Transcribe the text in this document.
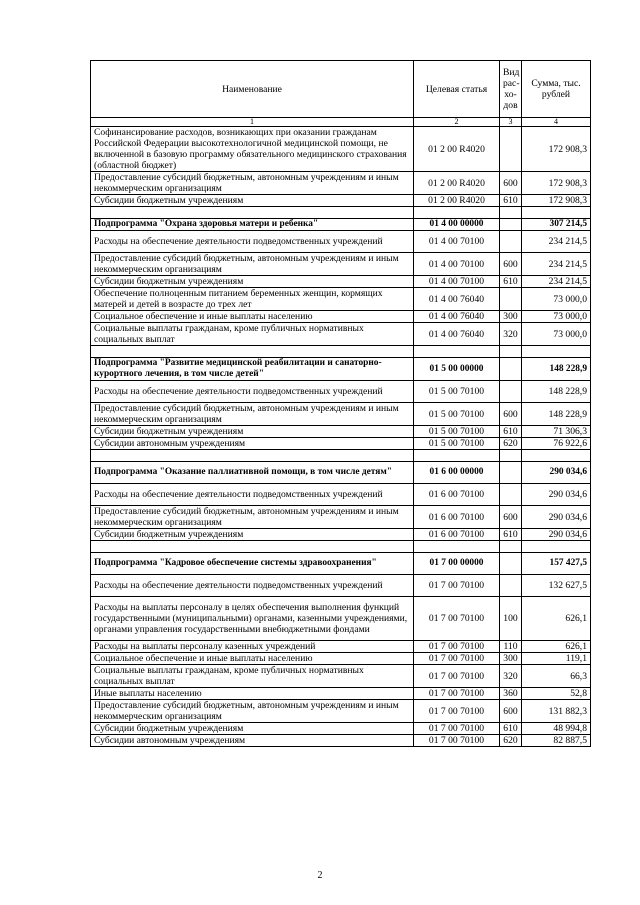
Наименование	Целевая статья	Вид рас-хо-дов	Сумма, тыс. рублей
1	2	3	4
Софинансирование расходов, возникающих при оказании гражданам Российской Федерации высокотехнологичной медицинской помощи, не включенной в базовую программу обязательного медицинского страхования (областной бюджет)	01 2 00 R4020		172 908,3
Предоставление субсидий бюджетным, автономным учреждениям и иным некоммерческим организациям	01 2 00 R4020	600	172 908,3
Субсидии бюджетным учреждениям	01 2 00 R4020	610	172 908,3

Подпрограмма "Охрана здоровья матери и ребенка"	01 4 00 00000		307 214,5
Расходы на обеспечение деятельности подведомственных учреждений	01 4 00 70100		234 214,5
Предоставление субсидий бюджетным, автономным учреждениям и иным некоммерческим организациям	01 4 00 70100	600	234 214,5
Субсидии бюджетным учреждениям	01 4 00 70100	610	234 214,5
Обеспечение полноценным питанием беременных женщин, кормящих матерей и детей в возрасте до трех лет	01 4 00 76040		73 000,0
Социальное обеспечение и иные выплаты населению	01 4 00 76040	300	73 000,0
Социальные выплаты гражданам, кроме публичных нормативных социальных выплат	01 4 00 76040	320	73 000,0

Подпрограмма "Развитие медицинской реабилитации и санаторно-курортного лечения, в том числе детей"	01 5 00 00000		148 228,9
Расходы на обеспечение деятельности подведомственных учреждений	01 5 00 70100		148 228,9
Предоставление субсидий бюджетным, автономным учреждениям и иным некоммерческим организациям	01 5 00 70100	600	148 228,9
Субсидии бюджетным учреждениям	01 5 00 70100	610	71 306,3
Субсидии автономным учреждениям	01 5 00 70100	620	76 922,6

Подпрограмма "Оказание паллиативной помощи, в том числе детям"	01 6 00 00000		290 034,6
Расходы на обеспечение деятельности подведомственных учреждений	01 6 00 70100		290 034,6
Предоставление субсидий бюджетным, автономным учреждениям и иным некоммерческим организациям	01 6 00 70100	600	290 034,6
Субсидии бюджетным учреждениям	01 6 00 70100	610	290 034,6

Подпрограмма "Кадровое обеспечение системы здравоохранения"	01 7 00 00000		157 427,5
Расходы на обеспечение деятельности подведомственных учреждений	01 7 00 70100		132 627,5
Расходы на выплаты персоналу в целях обеспечения выполнения функций государственными (муниципальными) органами, казенными учреждениями, органами управления государственными внебюджетными фондами	01 7 00 70100	100	626,1
Расходы на выплаты персоналу казенных учреждений	01 7 00 70100	110	626,1
Социальное обеспечение и иные выплаты населению	01 7 00 70100	300	119,1
Социальные выплаты гражданам, кроме публичных нормативных социальных выплат	01 7 00 70100	320	66,3
Иные выплаты населению	01 7 00 70100	360	52,8
Предоставление субсидий бюджетным, автономным учреждениям и иным некоммерческим организациям	01 7 00 70100	600	131 882,3
Субсидии бюджетным учреждениям	01 7 00 70100	610	48 994,8
Субсидии автономным учреждениям	01 7 00 70100	620	82 887,5
2
